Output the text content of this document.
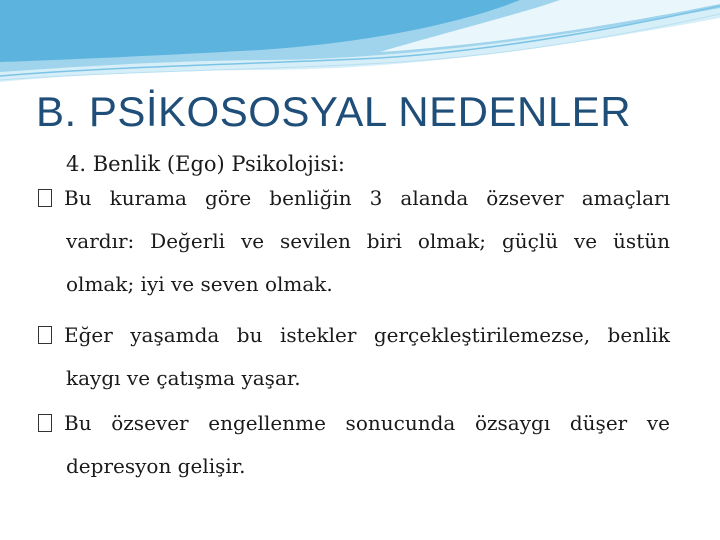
B. PSİKOSOSYAL NEDENLER
4. Benlik (Ego) Psikolojisi:
Bu kurama göre benliğin 3 alanda özsever amaçları
vardır: Değerli ve sevilen biri olmak; güçlü ve üstün
olmak; iyi ve seven olmak.
Eğer yaşamda bu istekler gerçekleştirilemezse, benlik
kaygı ve çatışma yaşar.
Bu özsever engellenme sonucunda özsaygı düşer ve
depresyon gelişir.
